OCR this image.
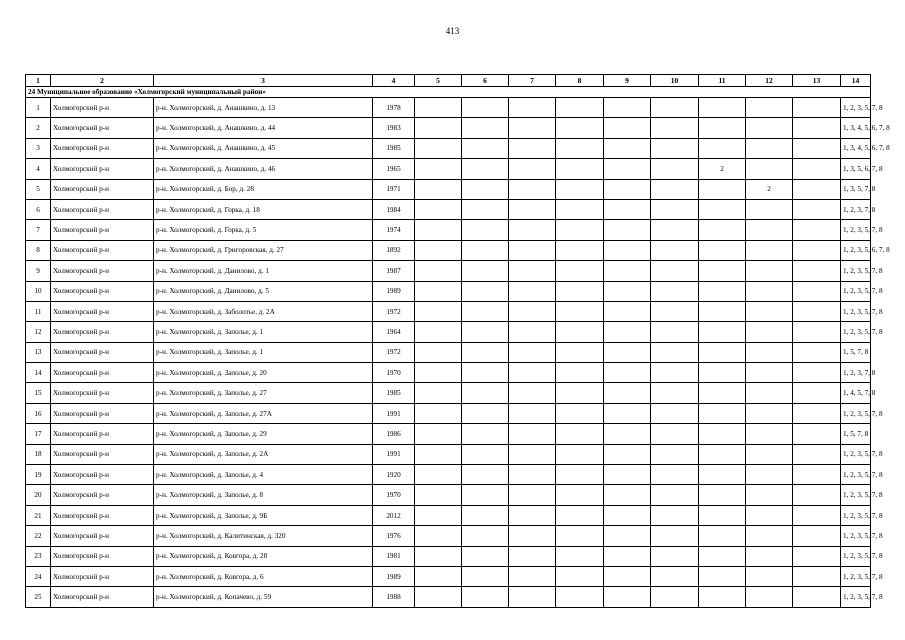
413
1	2	3	4	5	6	7	8	9	10	11	12	13	14
24 Муниципальное образование «Холмогорский муниципальный район»													
1	Холмогорский р-н	р-н. Холмогорский, д. Анашкино, д. 13	1978										1, 2, 3, 5, 7, 8
2	Холмогорский р-н	р-н. Холмогорский, д. Анашкино, д. 44	1983										1, 3, 4, 5, 6, 7, 8
3	Холмогорский р-н	р-н. Холмогорский, д. Анашкино, д. 45	1985										1, 3, 4, 5, 6, 7, 8
4	Холмогорский р-н	р-н. Холмогорский, д. Анашкино, д. 46	1965							2			1, 3, 5, 6, 7, 8
5	Холмогорский р-н	р-н. Холмогорский, д. Бор, д. 28	1971								2		1, 3, 5, 7, 8
6	Холмогорский р-н	р-н. Холмогорский, д. Горка, д. 18	1984										1, 2, 3, 7, 8
7	Холмогорский р-н	р-н. Холмогорский, д. Горка, д. 5	1974										1, 2, 3, 5, 7, 8
8	Холмогорский р-н	р-н. Холмогорский, д. Григоровская, д. 27	1892										1, 2, 3, 5, 6, 7, 8
9	Холмогорский р-н	р-н. Холмогорский, д. Данилово, д. 1	1987										1, 2, 3, 5, 7, 8
10	Холмогорский р-н	р-н. Холмогорский, д. Данилово, д. 5	1989										1, 2, 3, 5, 7, 8
11	Холмогорский р-н	р-н. Холмогорский, д. Заболотье, д. 2А	1972										1, 2, 3, 5, 7, 8
12	Холмогорский р-н	р-н. Холмогорский, д. Заполье, д. 1	1964										1, 2, 3, 5, 7, 8
13	Холмогорский р-н	р-н. Холмогорский, д. Заполье, д. 1	1972										1, 5, 7, 8
14	Холмогорский р-н	р-н. Холмогорский, д. Заполье, д. 20	1970										1, 2, 3, 7, 8
15	Холмогорский р-н	р-н. Холмогорский, д. Заполье, д. 27	1985										1, 4, 5, 7, 8
16	Холмогорский р-н	р-н. Холмогорский, д. Заполье, д. 27А	1991										1, 2, 3, 5, 7, 8
17	Холмогорский р-н	р-н. Холмогорский, д. Заполье, д. 29	1986										1, 5, 7, 8
18	Холмогорский р-н	р-н. Холмогорский, д. Заполье, д. 2А	1991										1, 2, 3, 5, 7, 8
19	Холмогорский р-н	р-н. Холмогорский, д. Заполье, д. 4	1920										1, 2, 3, 5, 7, 8
20	Холмогорский р-н	р-н. Холмогорский, д. Заполье, д. 8	1970										1, 2, 3, 5, 7, 8
21	Холмогорский р-н	р-н. Холмогорский, д. Заполье, д. 9Б	2012										1, 2, 3, 5, 7, 8
22	Холмогорский р-н	р-н. Холмогорский, д. Калитинская, д. 320	1976										1, 2, 3, 5, 7, 8
23	Холмогорский р-н	р-н. Холмогорский, д. Ковгора, д. 28	1981										1, 2, 3, 5, 7, 8
24	Холмогорский р-н	р-н. Холмогорский, д. Ковгора, д. 6	1989										1, 2, 3, 5, 7, 8
25	Холмогорский р-н	р-н. Холмогорский, д. Копачево, д. 59	1988										1, 2, 3, 5, 7, 8
